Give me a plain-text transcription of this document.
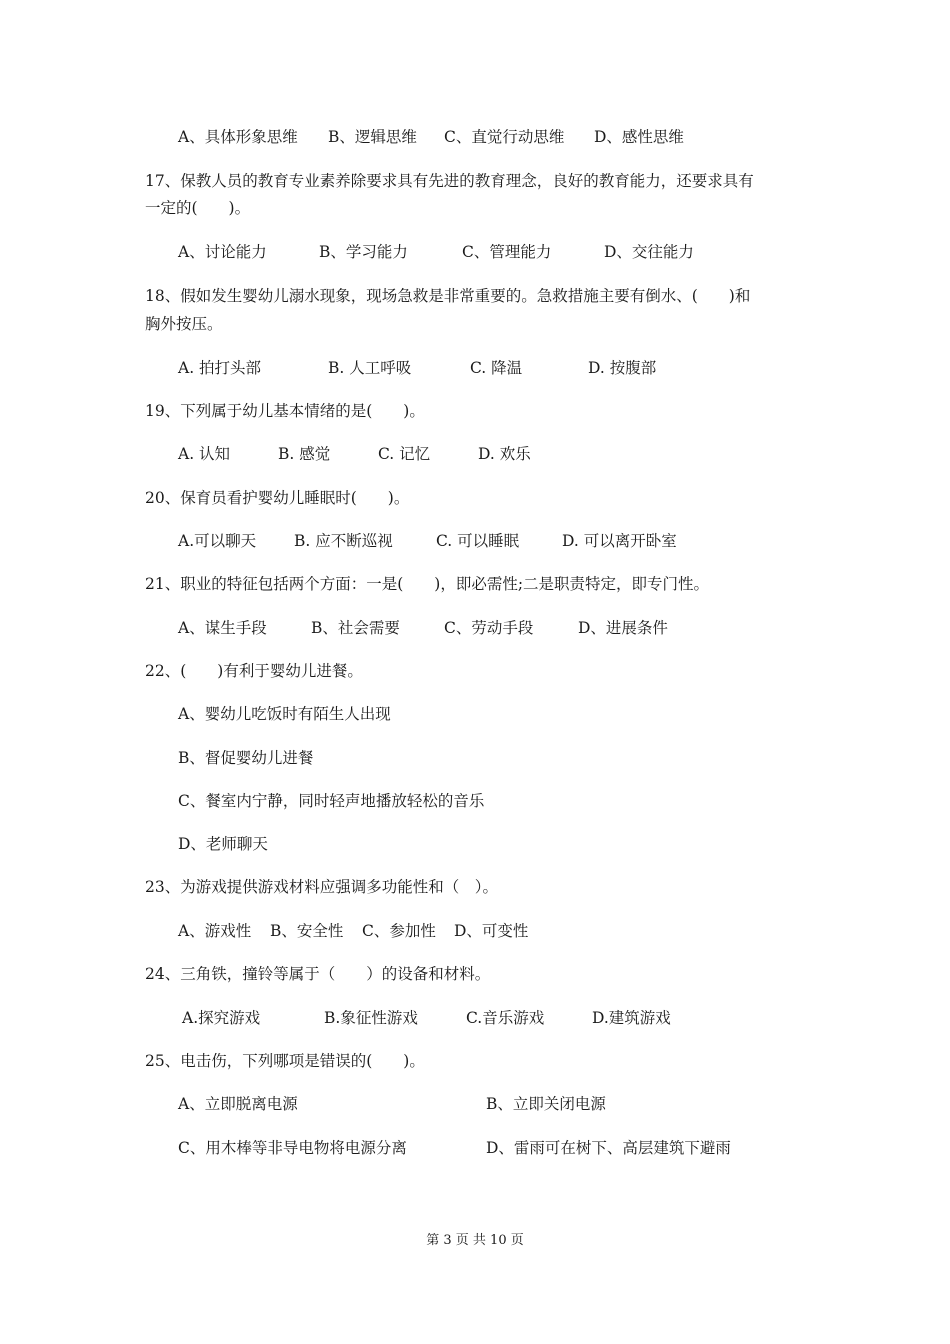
A、具体形象思维 B、逻辑思维 C、直觉行动思维 D、感性思维
17、保教人员的教育专业素养除要求具有先进的教育理念，良好的教育能力，还要求具有
一定的(　　)。
A、讨论能力	B、学习能力	C、管理能力	D、交往能力
18、假如发生婴幼儿溺水现象，现场急救是非常重要的。急救措施主要有倒水、(　　)和
胸外按压。
A. 拍打头部	B. 人工呼吸	C. 降温	D. 按腹部
19、下列属于幼儿基本情绪的是(　　)。
A. 认知	B. 感觉	C. 记忆	D. 欢乐
20、保育员看护婴幼儿睡眠时(　　)。
A.可以聊天 B. 应不断巡视	C. 可以睡眠	D. 可以离开卧室
21、职业的特征包括两个方面：一是(　　)，即必需性;二是职责特定，即专门性。
A、谋生手段	B、社会需要	C、劳动手段	D、进展条件
22、(　　)有利于婴幼儿进餐。
A、婴幼儿吃饭时有陌生人出现
B、督促婴幼儿进餐
C、餐室内宁静，同时轻声地播放轻松的音乐
D、老师聊天
23、为游戏提供游戏材料应强调多功能性和（　）。
A、游戏性 B、安全性 C、参加性 D、可变性
24、三角铁，撞铃等属于（　　）的设备和材料。
A.探究游戏	B.象征性游戏	C.音乐游戏	D.建筑游戏
25、电击伤，下列哪项是错误的(　　)。
A、立即脱离电源	B、立即关闭电源
C、用木棒等非导电物将电源分离	D、雷雨可在树下、高层建筑下避雨
第 3 页 共 10 页
